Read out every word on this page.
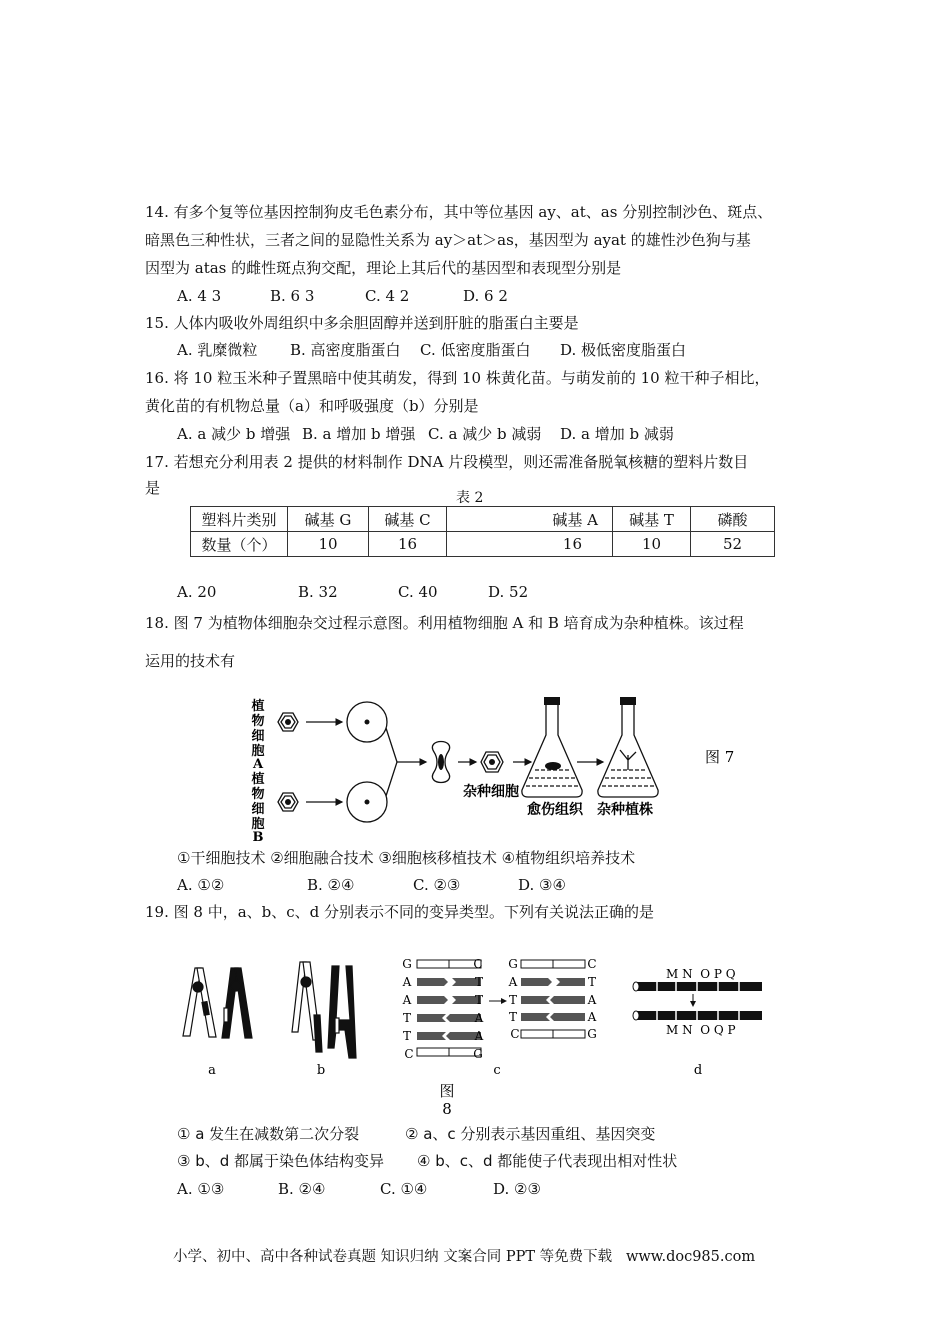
14. 有多个复等位基因控制狗皮毛色素分布，其中等位基因 ay、at、as 分别控制沙色、斑点、
暗黑色三种性状，三者之间的显隐性关系为 ay＞at＞as，基因型为 ayat 的雄性沙色狗与基
因型为 atas 的雌性斑点狗交配，理论上其后代的基因型和表现型分别是
A. 4 3	B. 6 3	C. 4 2	D. 6 2
15. 人体内吸收外周组织中多余胆固醇并送到肝脏的脂蛋白主要是
A. 乳糜微粒 B. 高密度脂蛋白 C. 低密度脂蛋白 D. 极低密度脂蛋白
16. 将 10 粒玉米种子置黑暗中使其萌发，得到 10 株黄化苗。与萌发前的 10 粒干种子相比，
黄化苗的有机物总量（a）和呼吸强度（b）分别是
A. a 减少 b 增强 B. a 增加 b 增强 C. a 减少 b 减弱 D. a 增加 b 减弱
17. 若想充分利用表 2 提供的材料制作 DNA 片段模型，则还需准备脱氧核糖的塑料片数目
是
表 2
塑料片类别	碱基 G	碱基 C	碱基 A	碱基 T	磷酸
数量（个）	10	16	16	10	52
A. 20	B. 32	C. 40	D. 52
18. 图 7 为植物体细胞杂交过程示意图。利用植物细胞 A 和 B 培育成为杂种植株。该过程
运用的技术有
植
物
细
胞
A
植
物
细
胞
B
杂种细胞
愈伤组织 杂种植株
图 7
①干细胞技术 ②细胞融合技术 ③细胞核移植技术 ④植物组织培养技术
A. ①②	B. ②④	C. ②③	D. ③④
19. 图 8 中，a、b、c、d 分别表示不同的变异类型。下列有关说法正确的是
G
A
A
T
T
C
C
T
T
A
A
G
G
A
T
T
C
C
T
A
A
G
M N  O P Q
M N  O Q P
a	b	c	d
图
8
① a 发生在减数第二次分裂	② a、c 分别表示基因重组、基因突变
③ b、d 都属于染色体结构变异 ④ b、c、d 都能使子代表现出相对性状
A. ①③	B. ②④	C. ①④	D. ②③
小学、初中、高中各种试卷真题 知识归纳 文案合同 PPT 等免费下载   www.doc985.com
